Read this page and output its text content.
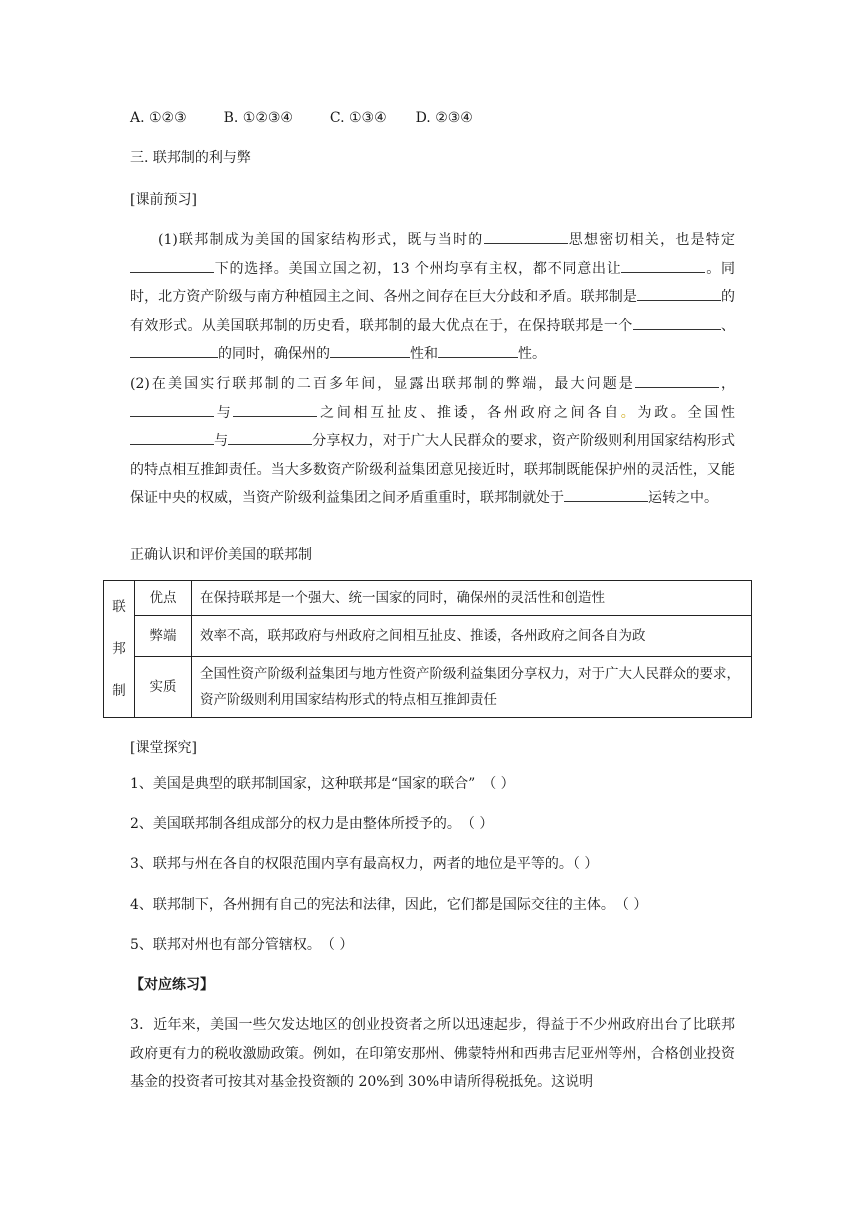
A. ①②③	B. ①②③④	C. ①③④ D. ②③④
三. 联邦制的利与弊
[课前预习]
(1)联邦制成为美国的国家结构形式，既与当时的	思想密切相关，也是特定下的选择。美国立国之初，13 个州均享有主权，都不同意出让	。同时，北方资产阶级与南方种植园主之间、各州之间存在巨大分歧和矛盾。联邦制是	的有效形式。从美国联邦制的历史看，联邦制的最大优点在于，在保持联邦是一个	、的同时，确保州的	性和	性。
(2)在美国实行联邦制的二百多年间，显露出联邦制的弊端，最大问题是	，与	之间相互扯皮、推诿，各州政府之间各自。为政。全国性与	分享权力，对于广大人民群众的要求，资产阶级则利用国家结构形式的特点相互推卸责任。当大多数资产阶级利益集团意见接近时，联邦制既能保护州的灵活性，又能保证中央的权威，当资产阶级利益集团之间矛盾重重时，联邦制就处于	运转之中。
正确认识和评价美国的联邦制
联
邦
制	优点	在保持联邦是一个强大、统一国家的同时，确保州的灵活性和创造性
	弊端	效率不高，联邦政府与州政府之间相互扯皮、推诿，各州政府之间各自为政
	实质	全国性资产阶级利益集团与地方性资产阶级利益集团分享权力，对于广大人民群众的要求，资产阶级则利用国家结构形式的特点相互推卸责任
[课堂探究]
1、美国是典型的联邦制国家，这种联邦是“国家的联合”　（ ）
2、美国联邦制各组成部分的权力是由整体所授予的。　（ ）
3、联邦与州在各自的权限范围内享有最高权力，两者的地位是平等的。（ ）
4、联邦制下，各州拥有自己的宪法和法律，因此，它们都是国际交往的主体。　（ ）
5、联邦对州也有部分管辖权。　（ ）
【对应练习】
3．近年来，美国一些欠发达地区的创业投资者之所以迅速起步，得益于不少州政府出台了比联邦政府更有力的税收激励政策。例如，在印第安那州、佛蒙特州和西弗吉尼亚州等州，合格创业投资基金的投资者可按其对基金投资额的 20%到 30%申请所得税抵免。这说明
